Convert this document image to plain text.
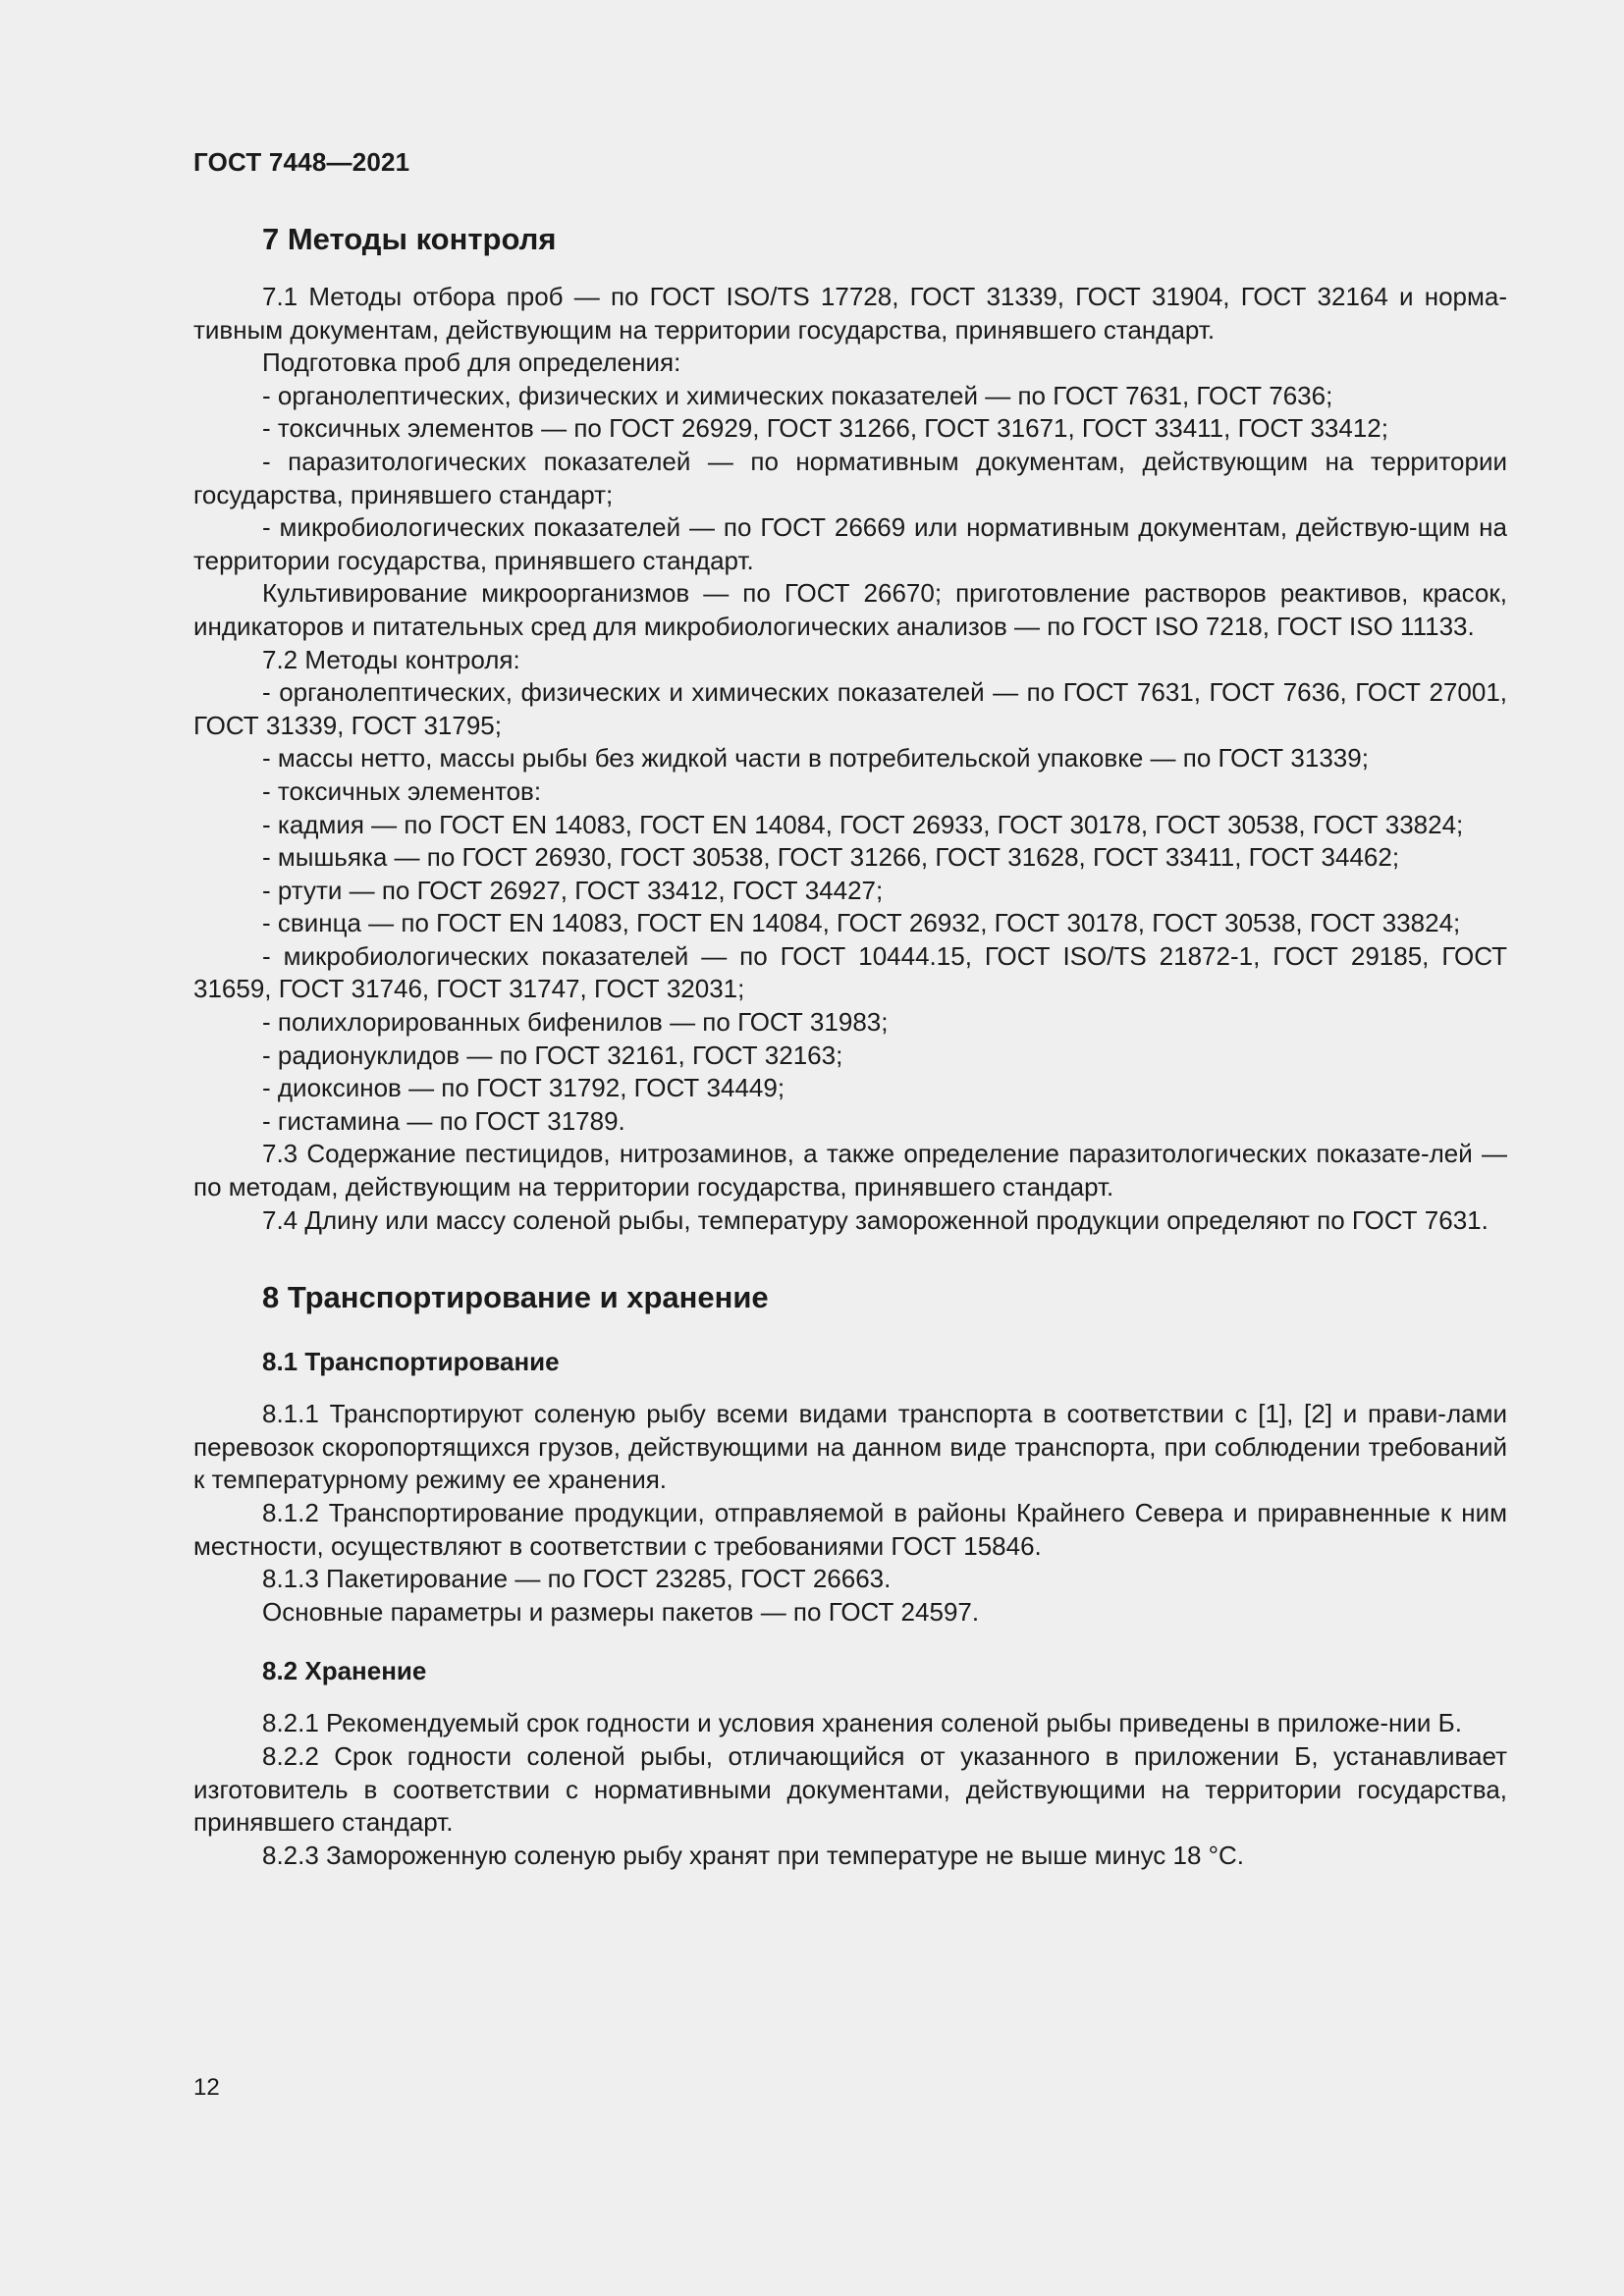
ГОСТ 7448—2021
7 Методы контроля

7.1 Методы отбора проб — по ГОСТ ISO/TS 17728, ГОСТ 31339, ГОСТ 31904, ГОСТ 32164 и норма-тивным документам, действующим на территории государства, принявшего стандарт.

Подготовка проб для определения:

- органолептических, физических и химических показателей — по ГОСТ 7631, ГОСТ 7636;

- токсичных элементов — по ГОСТ 26929, ГОСТ 31266, ГОСТ 31671, ГОСТ 33411, ГОСТ 33412;

- паразитологических показателей — по нормативным документам, действующим на территории государства, принявшего стандарт;

- микробиологических показателей — по ГОСТ 26669 или нормативным документам, действую-щим на территории государства, принявшего стандарт.

Культивирование микроорганизмов — по ГОСТ 26670; приготовление растворов реактивов, красок, индикаторов и питательных сред для микробиологических анализов — по ГОСТ ISO 7218, ГОСТ ISO 11133.

7.2 Методы контроля:

- органолептических, физических и химических показателей — по ГОСТ 7631, ГОСТ 7636, ГОСТ 27001, ГОСТ 31339, ГОСТ 31795;

- массы нетто, массы рыбы без жидкой части в потребительской упаковке — по ГОСТ 31339;

- токсичных элементов:

- кадмия — по ГОСТ EN 14083, ГОСТ EN 14084, ГОСТ 26933, ГОСТ 30178, ГОСТ 30538, ГОСТ 33824;

- мышьяка — по ГОСТ 26930, ГОСТ 30538, ГОСТ 31266, ГОСТ 31628, ГОСТ 33411, ГОСТ 34462;

- ртути — по ГОСТ 26927, ГОСТ 33412, ГОСТ 34427;

- свинца — по ГОСТ EN 14083, ГОСТ EN 14084, ГОСТ 26932, ГОСТ 30178, ГОСТ 30538, ГОСТ 33824;

- микробиологических показателей — по ГОСТ 10444.15, ГОСТ ISO/TS 21872-1, ГОСТ 29185, ГОСТ 31659, ГОСТ 31746, ГОСТ 31747, ГОСТ 32031;

- полихлорированных бифенилов — по ГОСТ 31983;

- радионуклидов — по ГОСТ 32161, ГОСТ 32163;

- диоксинов — по ГОСТ 31792, ГОСТ 34449;

- гистамина — по ГОСТ 31789.

7.3 Содержание пестицидов, нитрозаминов, а также определение паразитологических показате-лей — по методам, действующим на территории государства, принявшего стандарт.

7.4 Длину или массу соленой рыбы, температуру замороженной продукции определяют по ГОСТ 7631.

8 Транспортирование и хранение
8.1 Транспортирование

8.1.1 Транспортируют соленую рыбу всеми видами транспорта в соответствии с [1], [2] и прави-лами перевозок скоропортящихся грузов, действующими на данном виде транспорта, при соблюдении требований к температурному режиму ее хранения.

8.1.2 Транспортирование продукции, отправляемой в районы Крайнего Севера и приравненные к ним местности, осуществляют в соответствии с требованиями ГОСТ 15846.

8.1.3 Пакетирование — по ГОСТ 23285, ГОСТ 26663.

Основные параметры и размеры пакетов — по ГОСТ 24597.

8.2 Хранение

8.2.1 Рекомендуемый срок годности и условия хранения соленой рыбы приведены в приложе-нии Б.

8.2.2 Срок годности соленой рыбы, отличающийся от указанного в приложении Б, устанавливает изготовитель в соответствии с нормативными документами, действующими на территории государства, принявшего стандарт.

8.2.3 Замороженную соленую рыбу хранят при температуре не выше минус 18 °С.

12
